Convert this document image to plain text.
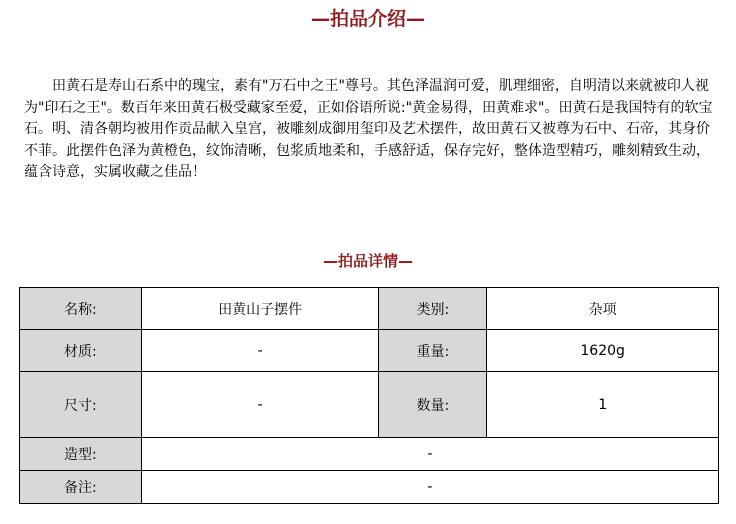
—拍品介绍—

田黄石是寿山石系中的瑰宝，素有"万石中之王"尊号。其色泽温润可爱，肌理细密，自明清以来就被印人视为"印石之王"。数百年来田黄石极受藏家至爱，正如俗语所说:"黄金易得，田黄难求"。田黄石是我国特有的软宝石。明、清各朝均被用作贡品献入皇宫，被雕刻成御用玺印及艺术摆件，故田黄石又被尊为石中、石帝，其身价不菲。此摆件色泽为黄橙色，纹饰清晰，包浆质地柔和，手感舒适，保存完好，整体造型精巧，雕刻精致生动，蕴含诗意，实属收藏之佳品！

—拍品详情—
名称:	田黄山子摆件	类别:	杂项
材质:	-	重量:	1620g
尺寸:	-	数量:	1
造型:	-		
备注:	-		
